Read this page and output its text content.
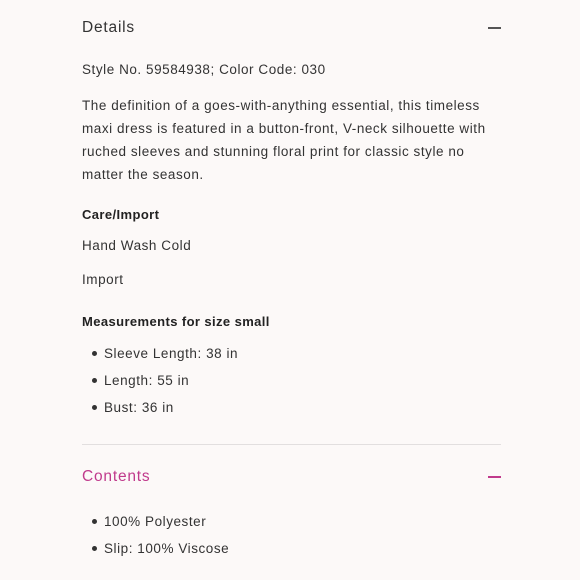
Details
Style No. 59584938; Color Code: 030
The definition of a goes-with-anything essential, this timeless
maxi dress is featured in a button-front, V-neck silhouette with
ruched sleeves and stunning floral print for classic style no
matter the season.
Care/Import
Hand Wash Cold
Import
Measurements for size small
Sleeve Length: 38 in
Length: 55 in
Bust: 36 in
Contents
100% Polyester
Slip: 100% Viscose
